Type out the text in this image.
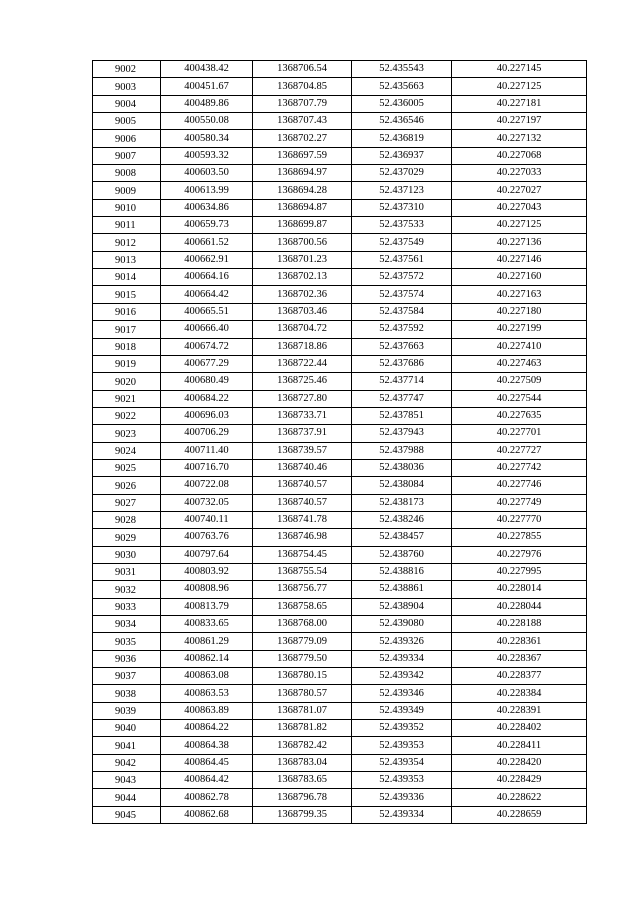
9002	400438.42	1368706.54	52.435543	40.227145
9003	400451.67	1368704.85	52.435663	40.227125
9004	400489.86	1368707.79	52.436005	40.227181
9005	400550.08	1368707.43	52.436546	40.227197
9006	400580.34	1368702.27	52.436819	40.227132
9007	400593.32	1368697.59	52.436937	40.227068
9008	400603.50	1368694.97	52.437029	40.227033
9009	400613.99	1368694.28	52.437123	40.227027
9010	400634.86	1368694.87	52.437310	40.227043
9011	400659.73	1368699.87	52.437533	40.227125
9012	400661.52	1368700.56	52.437549	40.227136
9013	400662.91	1368701.23	52.437561	40.227146
9014	400664.16	1368702.13	52.437572	40.227160
9015	400664.42	1368702.36	52.437574	40.227163
9016	400665.51	1368703.46	52.437584	40.227180
9017	400666.40	1368704.72	52.437592	40.227199
9018	400674.72	1368718.86	52.437663	40.227410
9019	400677.29	1368722.44	52.437686	40.227463
9020	400680.49	1368725.46	52.437714	40.227509
9021	400684.22	1368727.80	52.437747	40.227544
9022	400696.03	1368733.71	52.437851	40.227635
9023	400706.29	1368737.91	52.437943	40.227701
9024	400711.40	1368739.57	52.437988	40.227727
9025	400716.70	1368740.46	52.438036	40.227742
9026	400722.08	1368740.57	52.438084	40.227746
9027	400732.05	1368740.57	52.438173	40.227749
9028	400740.11	1368741.78	52.438246	40.227770
9029	400763.76	1368746.98	52.438457	40.227855
9030	400797.64	1368754.45	52.438760	40.227976
9031	400803.92	1368755.54	52.438816	40.227995
9032	400808.96	1368756.77	52.438861	40.228014
9033	400813.79	1368758.65	52.438904	40.228044
9034	400833.65	1368768.00	52.439080	40.228188
9035	400861.29	1368779.09	52.439326	40.228361
9036	400862.14	1368779.50	52.439334	40.228367
9037	400863.08	1368780.15	52.439342	40.228377
9038	400863.53	1368780.57	52.439346	40.228384
9039	400863.89	1368781.07	52.439349	40.228391
9040	400864.22	1368781.82	52.439352	40.228402
9041	400864.38	1368782.42	52.439353	40.228411
9042	400864.45	1368783.04	52.439354	40.228420
9043	400864.42	1368783.65	52.439353	40.228429
9044	400862.78	1368796.78	52.439336	40.228622
9045	400862.68	1368799.35	52.439334	40.228659
